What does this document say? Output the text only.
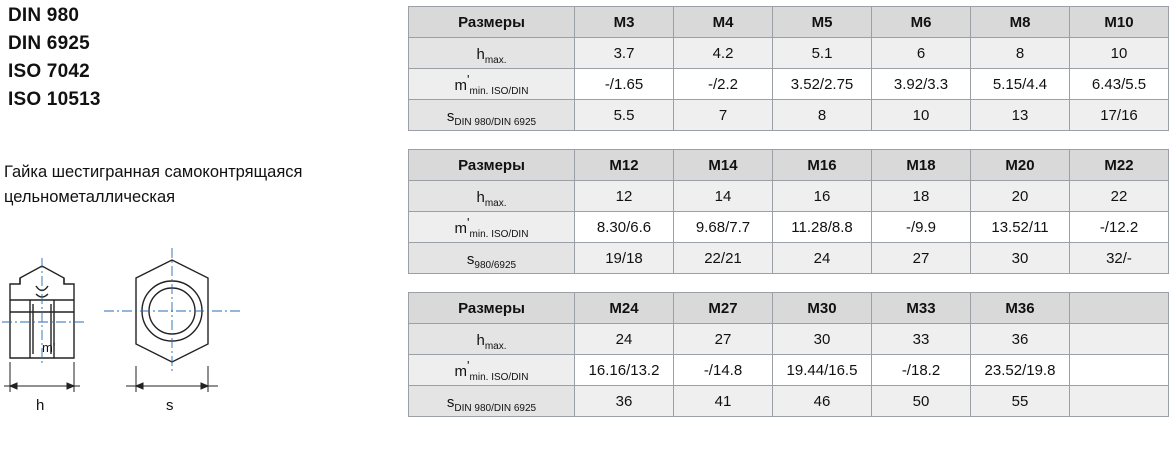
DIN 980
DIN 6925
ISO 7042
ISO 10513
Гайка шестигранная самоконтрящаяся
цельнометаллическая
h
m'
s
Размеры	M3	M4	M5	M6	M8	M10
$h_{max.}$	3.7	4.2	5.1	6	8	10
$m'_{min. ISO/DIN}$	-/1.65	-/2.2	3.52/2.75	3.92/3.3	5.15/4.4	6.43/5.5
$s_{DIN 980/DIN 6925}$	5.5	7	8	10	13	17/16
Размеры	M12	M14	M16	M18	M20	M22
$h_{max.}$	12	14	16	18	20	22
$m'_{min. ISO/DIN}$	8.30/6.6	9.68/7.7	11.28/8.8	-/9.9	13.52/11	-/12.2
$s_{980/6925}$	19/18	22/21	24	27	30	32/-
Размеры	M24	M27	M30	M33	M36	
$h_{max.}$	24	27	30	33	36	
$m'_{min. ISO/DIN}$	16.16/13.2	-/14.8	19.44/16.5	-/18.2	23.52/19.8	
$s_{DIN 980/DIN 6925}$	36	41	46	50	55	
